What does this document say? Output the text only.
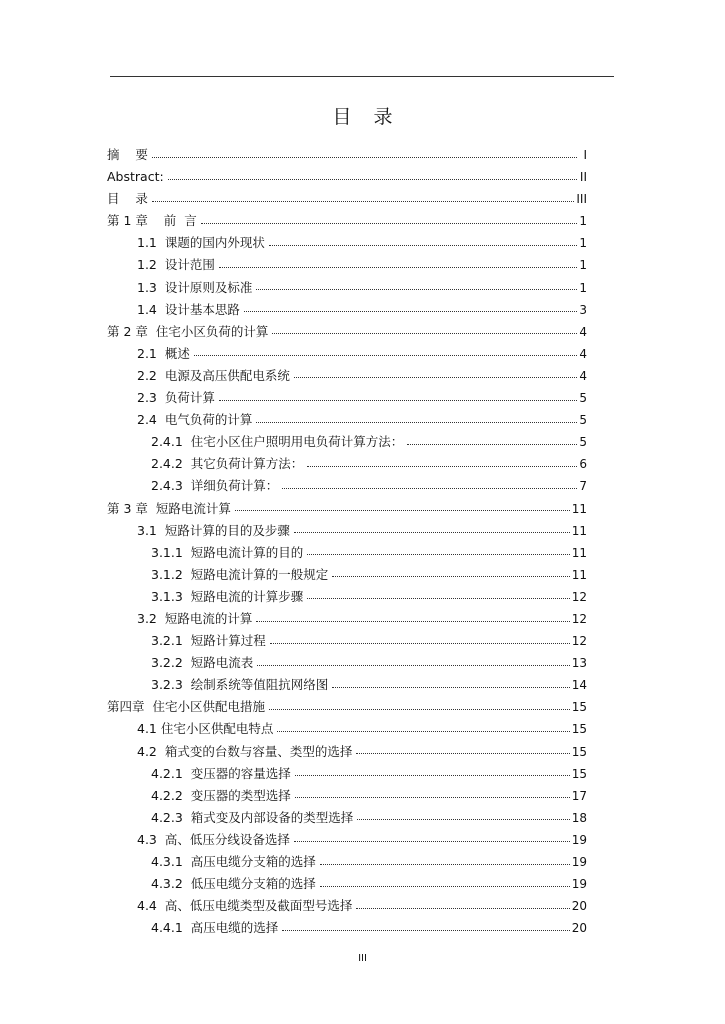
目录
摘    要	I
Abstract:	II
目    录	III
第 1 章    前  言	1
1.1  课题的国内外现状	1
1.2  设计范围	1
1.3  设计原则及标准	1
1.4  设计基本思路	3
第 2 章  住宅小区负荷的计算	4
2.1  概述	4
2.2  电源及高压供配电系统	4
2.3  负荷计算	5
2.4  电气负荷的计算	5
2.4.1  住宅小区住户照明用电负荷计算方法：	5
2.4.2  其它负荷计算方法：	6
2.4.3  详细负荷计算：	7
第 3 章  短路电流计算	11
3.1  短路计算的目的及步骤	11
3.1.1  短路电流计算的目的	11
3.1.2  短路电流计算的一般规定	11
3.1.3  短路电流的计算步骤	12
3.2  短路电流的计算	12
3.2.1  短路计算过程	12
3.2.2  短路电流表	13
3.2.3  绘制系统等值阻抗网络图	14
第四章  住宅小区供配电措施	15
4.1 住宅小区供配电特点	15
4.2  箱式变的台数与容量、类型的选择	15
4.2.1  变压器的容量选择	15
4.2.2  变压器的类型选择	17
4.2.3  箱式变及内部设备的类型选择	18
4.3  高、低压分线设备选择	19
4.3.1  高压电缆分支箱的选择	19
4.3.2  低压电缆分支箱的选择	19
4.4  高、低压电缆类型及截面型号选择	20
4.4.1  高压电缆的选择	20
III
